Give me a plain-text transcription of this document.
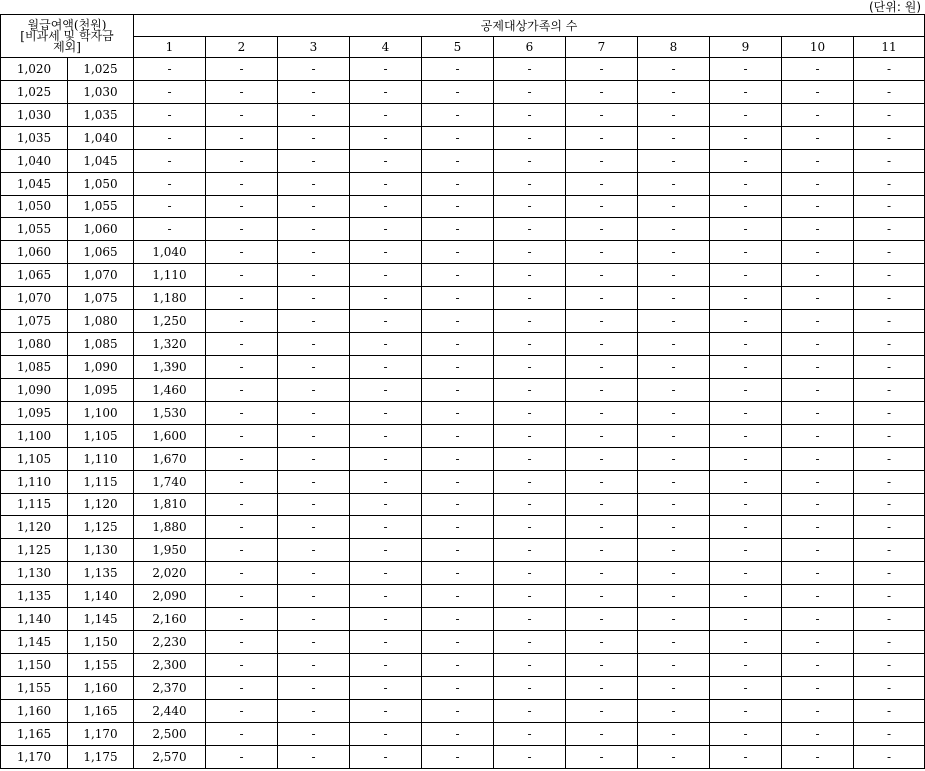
(단위: 원)
월급여액(천원)
[비과세 및 학자금
제외]		공제대상가족의 수										
		1	2	3	4	5	6	7	8	9	10	11
1,020	1,025	-	-	-	-	-	-	-	-	-	-	-
1,025	1,030	-	-	-	-	-	-	-	-	-	-	-
1,030	1,035	-	-	-	-	-	-	-	-	-	-	-
1,035	1,040	-	-	-	-	-	-	-	-	-	-	-
1,040	1,045	-	-	-	-	-	-	-	-	-	-	-
1,045	1,050	-	-	-	-	-	-	-	-	-	-	-
1,050	1,055	-	-	-	-	-	-	-	-	-	-	-
1,055	1,060	-	-	-	-	-	-	-	-	-	-	-
1,060	1,065	1,040	-	-	-	-	-	-	-	-	-	-
1,065	1,070	1,110	-	-	-	-	-	-	-	-	-	-
1,070	1,075	1,180	-	-	-	-	-	-	-	-	-	-
1,075	1,080	1,250	-	-	-	-	-	-	-	-	-	-
1,080	1,085	1,320	-	-	-	-	-	-	-	-	-	-
1,085	1,090	1,390	-	-	-	-	-	-	-	-	-	-
1,090	1,095	1,460	-	-	-	-	-	-	-	-	-	-
1,095	1,100	1,530	-	-	-	-	-	-	-	-	-	-
1,100	1,105	1,600	-	-	-	-	-	-	-	-	-	-
1,105	1,110	1,670	-	-	-	-	-	-	-	-	-	-
1,110	1,115	1,740	-	-	-	-	-	-	-	-	-	-
1,115	1,120	1,810	-	-	-	-	-	-	-	-	-	-
1,120	1,125	1,880	-	-	-	-	-	-	-	-	-	-
1,125	1,130	1,950	-	-	-	-	-	-	-	-	-	-
1,130	1,135	2,020	-	-	-	-	-	-	-	-	-	-
1,135	1,140	2,090	-	-	-	-	-	-	-	-	-	-
1,140	1,145	2,160	-	-	-	-	-	-	-	-	-	-
1,145	1,150	2,230	-	-	-	-	-	-	-	-	-	-
1,150	1,155	2,300	-	-	-	-	-	-	-	-	-	-
1,155	1,160	2,370	-	-	-	-	-	-	-	-	-	-
1,160	1,165	2,440	-	-	-	-	-	-	-	-	-	-
1,165	1,170	2,500	-	-	-	-	-	-	-	-	-	-
1,170	1,175	2,570	-	-	-	-	-	-	-	-	-	-
